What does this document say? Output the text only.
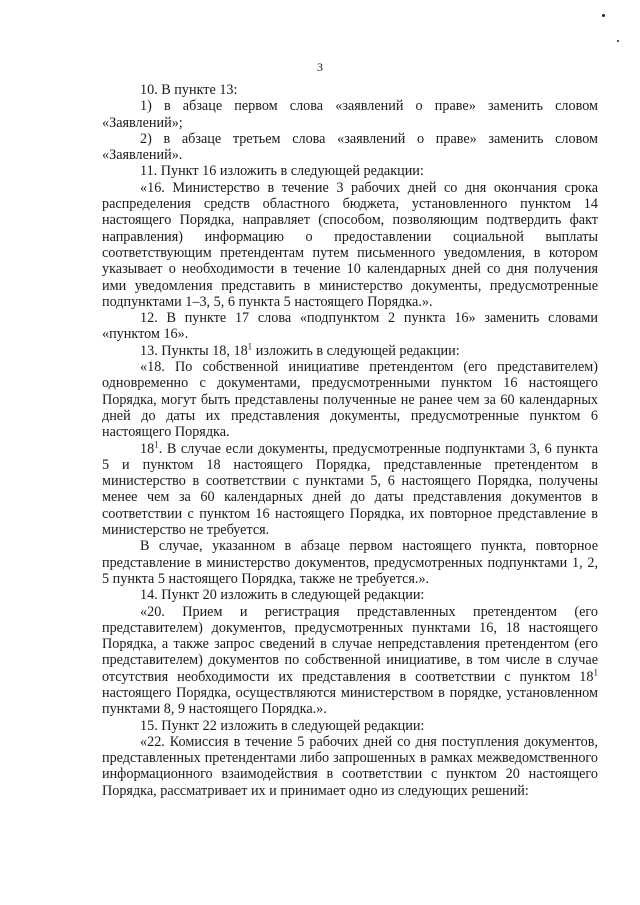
3

10. В пункте 13:

1) в абзаце первом слова «заявлений о праве» заменить словом «Заявлений»;

2) в абзаце третьем слова «заявлений о праве» заменить словом «Заявлений».

11. Пункт 16 изложить в следующей редакции:

«16. Министерство в течение 3 рабочих дней со дня окончания срока распределения средств областного бюджета, установленного пунктом 14 настоящего Порядка, направляет (способом, позволяющим подтвердить факт направления) информацию о предоставлении социальной выплаты соответствующим претендентам путем письменного уведомления, в котором указывает о необходимости в течение 10 календарных дней со дня получения ими уведомления представить в министерство документы, предусмотренные подпунктами 1–3, 5, 6 пункта 5 настоящего Порядка.».

12. В пункте 17 слова «подпунктом 2 пункта 16» заменить словами «пунктом 16».

13. Пункты 18, $18^1$ изложить в следующей редакции:

«18. По собственной инициативе претендентом (его представителем) одновременно с документами, предусмотренными пунктом 16 настоящего Порядка, могут быть представлены полученные не ранее чем за 60 календарных дней до даты их представления документы, предусмотренные пунктом 6 настоящего Порядка.

$18^1$. В случае если документы, предусмотренные подпунктами 3, 6 пункта 5 и пунктом 18 настоящего Порядка, представленные претендентом в министерство в соответствии с пунктами 5, 6 настоящего Порядка, получены менее чем за 60 календарных дней до даты представления документов в соответствии с пунктом 16 настоящего Порядка, их повторное представление в министерство не требуется.

В случае, указанном в абзаце первом настоящего пункта, повторное представление в министерство документов, предусмотренных подпунктами 1, 2, 5 пункта 5 настоящего Порядка, также не требуется.».

14. Пункт 20 изложить в следующей редакции:

«20. Прием и регистрация представленных претендентом (его представителем) документов, предусмотренных пунктами 16, 18 настоящего Порядка, а также запрос сведений в случае непредставления претендентом (его представителем) документов по собственной инициативе, в том числе в случае отсутствия необходимости их представления в соответствии с пунктом $18^1$ настоящего Порядка, осуществляются министерством в порядке, установленном пунктами 8, 9 настоящего Порядка.».

15. Пункт 22 изложить в следующей редакции:

«22. Комиссия в течение 5 рабочих дней со дня поступления документов, представленных претендентами либо запрошенных в рамках межведомственного информационного взаимодействия в соответствии с пунктом 20 настоящего Порядка, рассматривает их и принимает одно из следующих решений:
